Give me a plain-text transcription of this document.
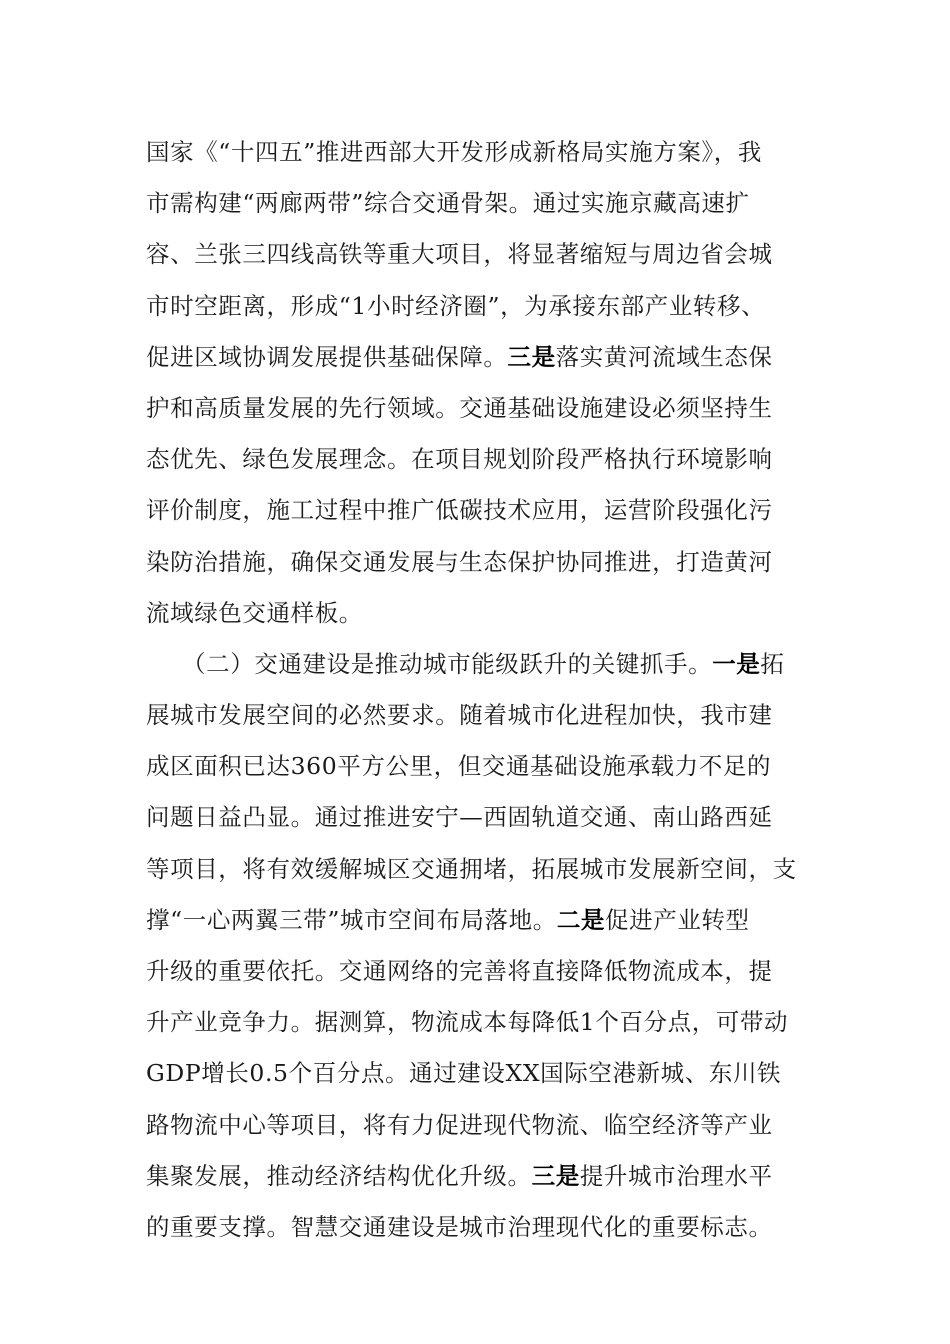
国家《“十四五”推进西部大开发形成新格局实施方案》，我
市需构建“两廊两带”综合交通骨架。通过实施京藏高速扩
容、兰张三四线高铁等重大项目，将显著缩短与周边省会城
市时空距离，形成“1小时经济圈”，为承接东部产业转移、
促进区域协调发展提供基础保障。三是落实黄河流域生态保
护和高质量发展的先行领域。交通基础设施建设必须坚持生
态优先、绿色发展理念。在项目规划阶段严格执行环境影响
评价制度，施工过程中推广低碳技术应用，运营阶段强化污
染防治措施，确保交通发展与生态保护协同推进，打造黄河
流域绿色交通样板。
（二）交通建设是推动城市能级跃升的关键抓手。一是拓
展城市发展空间的必然要求。随着城市化进程加快，我市建
成区面积已达360平方公里，但交通基础设施承载力不足的
问题日益凸显。通过推进安宁—西固轨道交通、南山路西延
等项目，将有效缓解城区交通拥堵，拓展城市发展新空间，支
撑“一心两翼三带”城市空间布局落地。二是促进产业转型
升级的重要依托。交通网络的完善将直接降低物流成本，提
升产业竞争力。据测算，物流成本每降低1个百分点，可带动
GDP增长0.5个百分点。通过建设XX国际空港新城、东川铁
路物流中心等项目，将有力促进现代物流、临空经济等产业
集聚发展，推动经济结构优化升级。三是提升城市治理水平
的重要支撑。智慧交通建设是城市治理现代化的重要标志。
